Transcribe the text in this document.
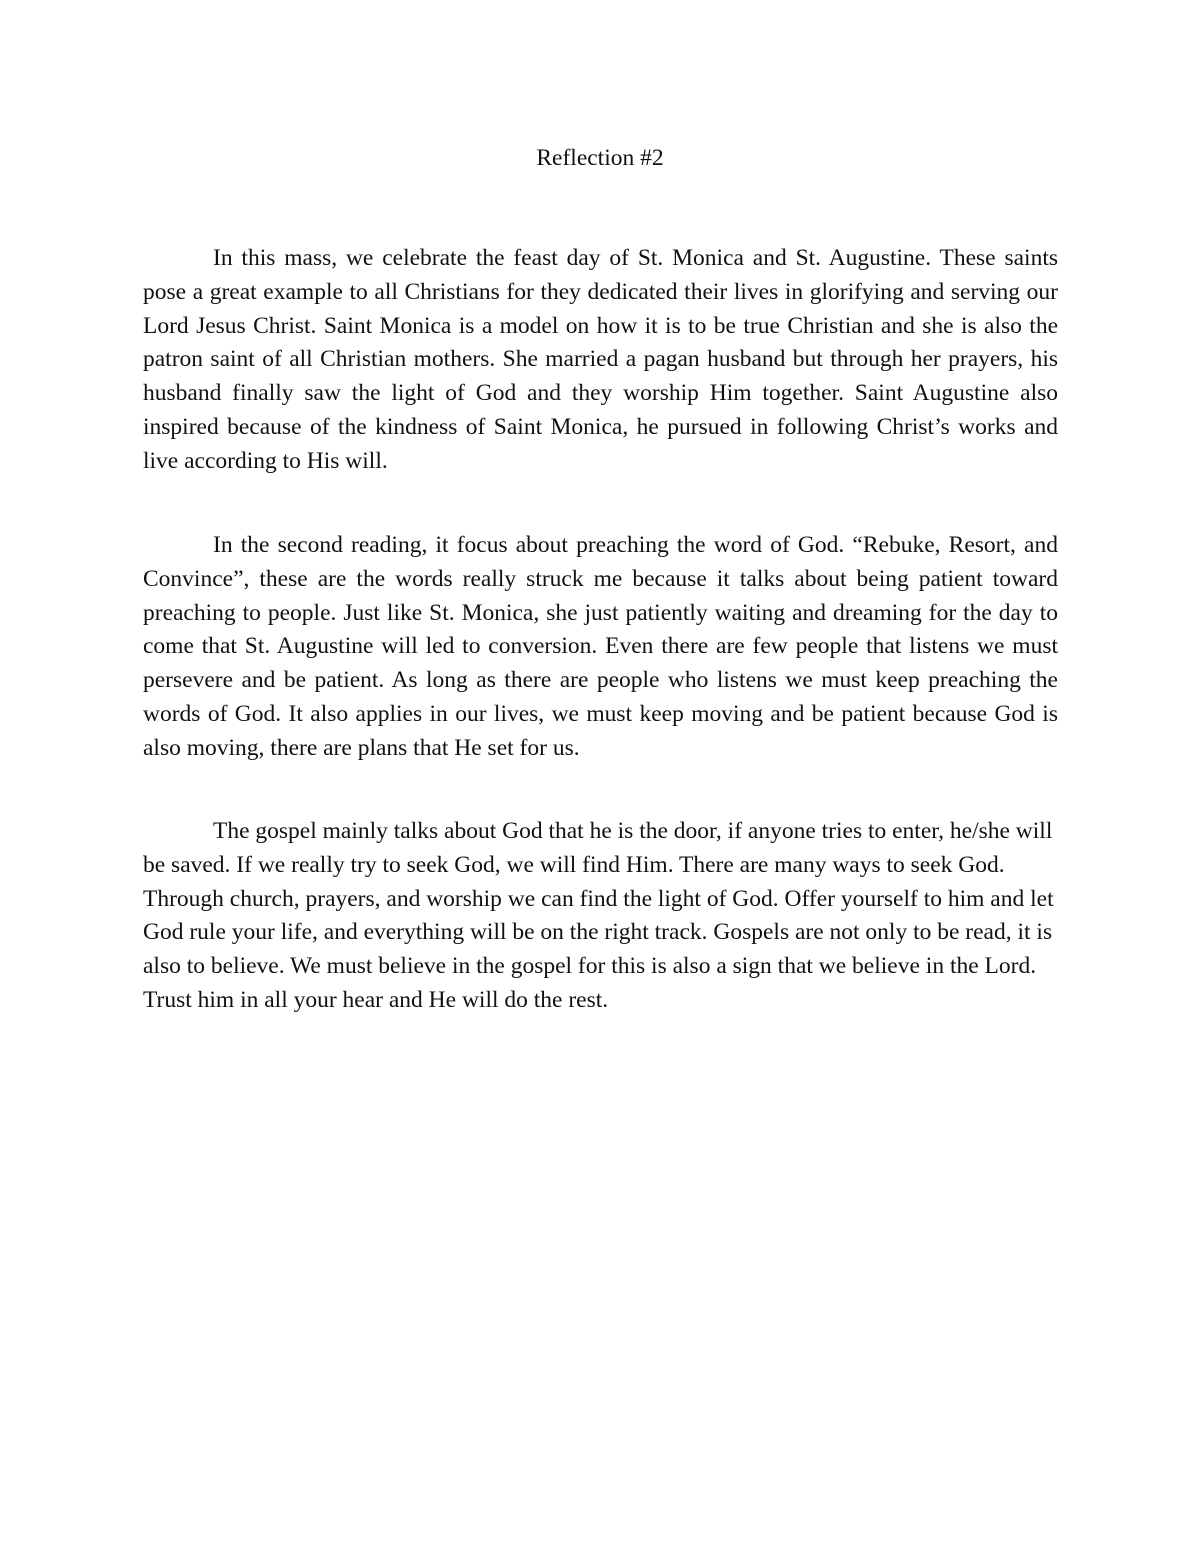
Reflection #2

In this mass, we celebrate the feast day of St. Monica and St. Augustine. These saints pose a great example to all Christians for they dedicated their lives in glorifying and serving our Lord Jesus Christ. Saint Monica is a model on how it is to be true Christian and she is also the patron saint of all Christian mothers. She married a pagan husband but through her prayers, his husband finally saw the light of God and they worship Him together. Saint Augustine also inspired because of the kindness of Saint Monica, he pursued in following Christ’s works and live according to His will.

In the second reading, it focus about preaching the word of God. “Rebuke, Resort, and Convince”, these are the words really struck me because it talks about being patient toward preaching to people. Just like St. Monica, she just patiently waiting and dreaming for the day to come that St. Augustine will led to conversion. Even there are few people that listens we must persevere and be patient. As long as there are people who listens we must keep preaching the words of God. It also applies in our lives, we must keep moving and be patient because God is also moving, there are plans that He set for us.

The gospel mainly talks about God that he is the door, if anyone tries to enter, he/she will be saved. If we really try to seek God, we will find Him. There are many ways to seek God. Through church, prayers, and worship we can find the light of God. Offer yourself to him and let God rule your life, and everything will be on the right track. Gospels are not only to be read, it is also to believe. We must believe in the gospel for this is also a sign that we believe in the Lord. Trust him in all your hear and He will do the rest.
